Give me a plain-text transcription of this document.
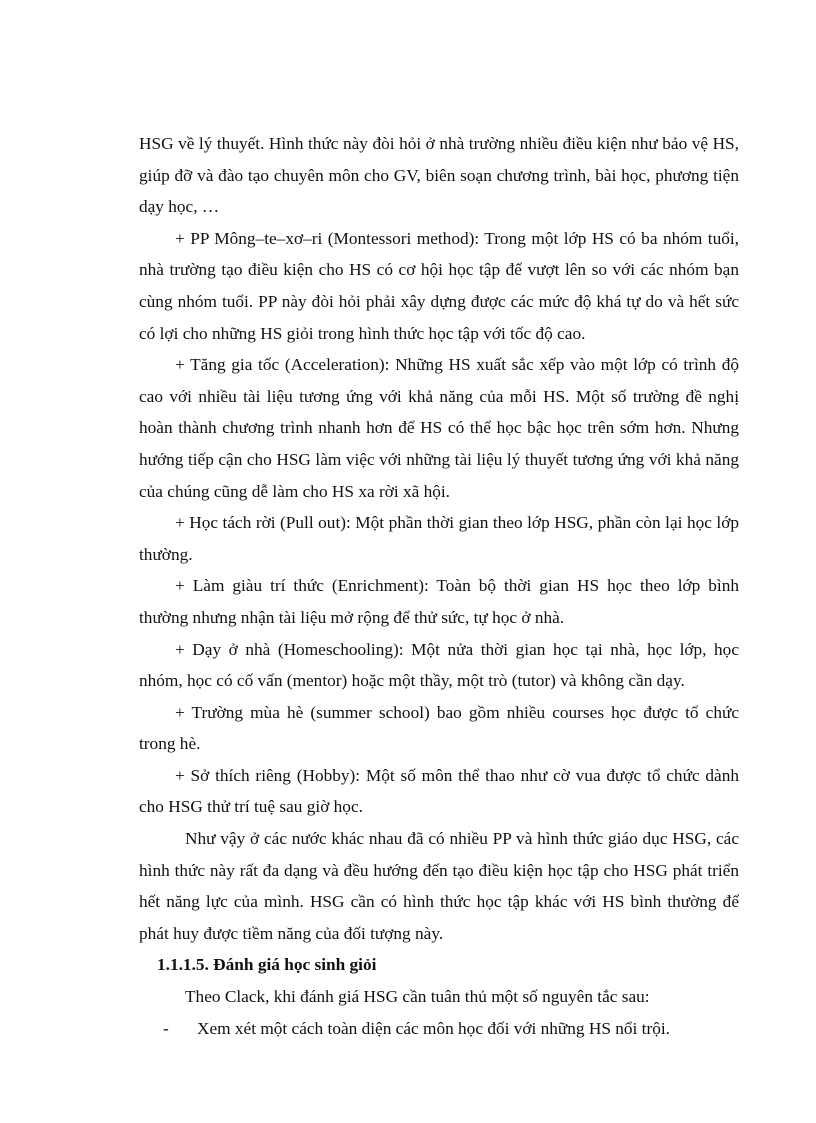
HSG về lý thuyết. Hình thức này đòi hỏi ở nhà trường nhiều điều kiện như bảo vệ HS, giúp đỡ và đào tạo chuyên môn cho GV, biên soạn chương trình, bài học, phương tiện dạy học, …

+ PP Mông–te–xơ–ri (Montessori method): Trong một lớp HS có ba nhóm tuổi, nhà trường tạo điều kiện cho HS có cơ hội học tập để vượt lên so với các nhóm bạn cùng nhóm tuổi. PP này đòi hỏi phải xây dựng được các mức độ khá tự do và hết sức có lợi cho những HS giỏi trong hình thức học tập với tốc độ cao.

+ Tăng gia tốc (Acceleration): Những HS xuất sắc xếp vào một lớp có trình độ cao với nhiều tài liệu tương ứng với khả năng của mỗi HS. Một số trường đề nghị hoàn thành chương trình nhanh hơn để HS có thể học bậc học trên sớm hơn. Nhưng hướng tiếp cận cho HSG làm việc với những tài liệu lý thuyết tương ứng với khả năng của chúng cũng dễ làm cho HS xa rời xã hội.

+ Học tách rời (Pull out): Một phần thời gian theo lớp HSG, phần còn lại học lớp thường.

+ Làm giàu trí thức (Enrichment): Toàn bộ thời gian HS học theo lớp bình thường nhưng nhận tài liệu mở rộng để thử sức, tự học ở nhà.

+ Dạy ở nhà (Homeschooling): Một nửa thời gian học tại nhà, học lớp, học nhóm, học có cố vấn (mentor) hoặc một thầy, một trò (tutor) và không cần dạy.

+ Trường mùa hè (summer school) bao gồm nhiều courses học được tổ chức trong hè.

+ Sở thích riêng (Hobby): Một số môn thể thao như cờ vua được tổ chức dành cho HSG thử trí tuệ sau giờ học.

Như vậy ở các nước khác nhau đã có nhiều PP và hình thức giáo dục HSG, các hình thức này rất đa dạng và đều hướng đến tạo điều kiện học tập cho HSG phát triển hết năng lực của mình. HSG cần có hình thức học tập khác với HS bình thường để phát huy được tiềm năng của đối tượng này.

1.1.1.5. Đánh giá học sinh giỏi

Theo Clack, khi đánh giá HSG cần tuân thủ một số nguyên tắc sau:

-	Xem xét một cách toàn diện các môn học đối với những HS nổi trội.
